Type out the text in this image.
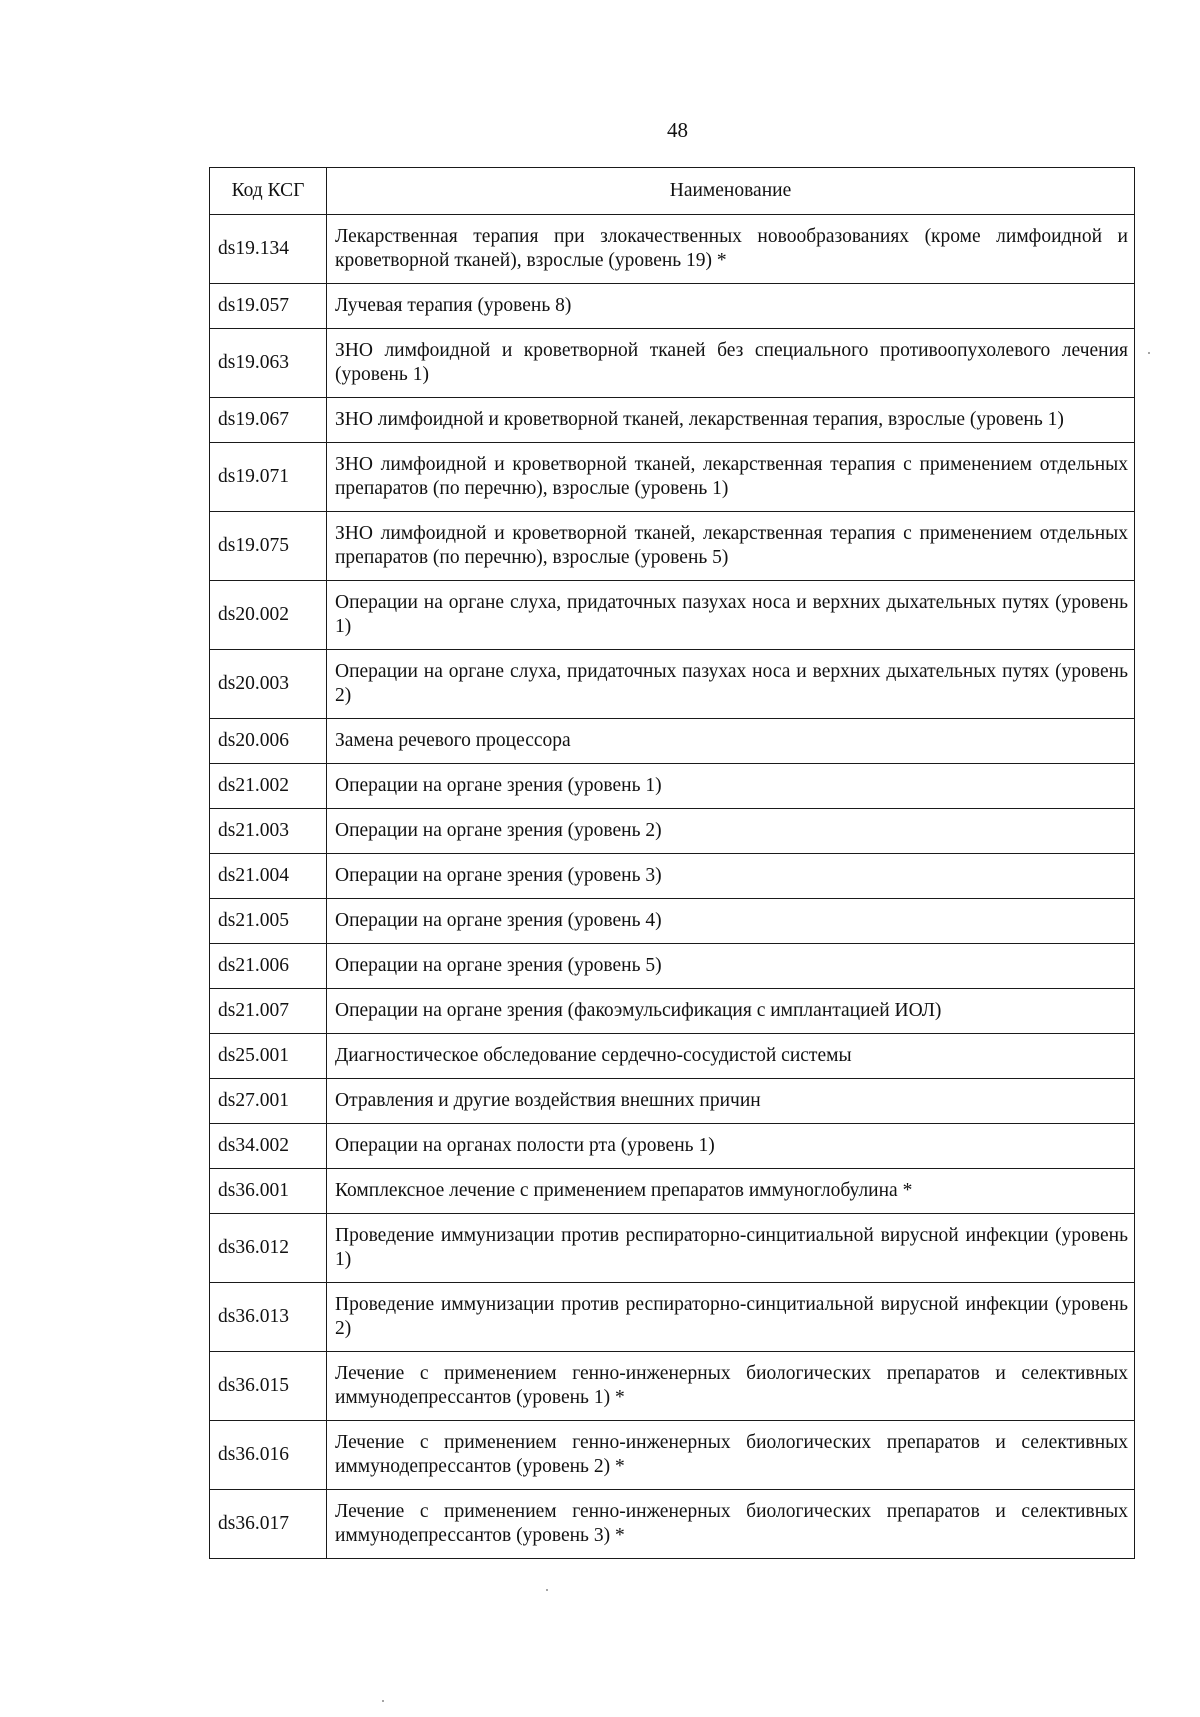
48
Код КСГ	Наименование
ds19.134	Лекарственная терапия при злокачественных новообразованиях (кроме лимфоидной и кроветворной тканей), взрослые (уровень 19) *
ds19.057	Лучевая терапия (уровень 8)
ds19.063	ЗНО лимфоидной и кроветворной тканей без специального противоопухолевого лечения (уровень 1)
ds19.067	ЗНО лимфоидной и кроветворной тканей, лекарственная терапия, взрослые (уровень 1)
ds19.071	ЗНО лимфоидной и кроветворной тканей, лекарственная терапия с применением отдельных препаратов (по перечню), взрослые (уровень 1)
ds19.075	ЗНО лимфоидной и кроветворной тканей, лекарственная терапия с применением отдельных препаратов (по перечню), взрослые (уровень 5)
ds20.002	Операции на органе слуха, придаточных пазухах носа и верхних дыхательных путях (уровень 1)
ds20.003	Операции на органе слуха, придаточных пазухах носа и верхних дыхательных путях (уровень 2)
ds20.006	Замена речевого процессора
ds21.002	Операции на органе зрения (уровень 1)
ds21.003	Операции на органе зрения (уровень 2)
ds21.004	Операции на органе зрения (уровень 3)
ds21.005	Операции на органе зрения (уровень 4)
ds21.006	Операции на органе зрения (уровень 5)
ds21.007	Операции на органе зрения (факоэмульсификация с имплантацией ИОЛ)
ds25.001	Диагностическое обследование сердечно-сосудистой системы
ds27.001	Отравления и другие воздействия внешних причин
ds34.002	Операции на органах полости рта (уровень 1)
ds36.001	Комплексное лечение с применением препаратов иммуноглобулина *
ds36.012	Проведение иммунизации против респираторно-синцитиальной вирусной инфекции (уровень 1)
ds36.013	Проведение иммунизации против респираторно-синцитиальной вирусной инфекции (уровень 2)
ds36.015	Лечение с применением генно-инженерных биологических препаратов и селективных иммунодепрессантов (уровень 1) *
ds36.016	Лечение с применением генно-инженерных биологических препаратов и селективных иммунодепрессантов (уровень 2) *
ds36.017	Лечение с применением генно-инженерных биологических препаратов и селективных иммунодепрессантов (уровень 3) *
